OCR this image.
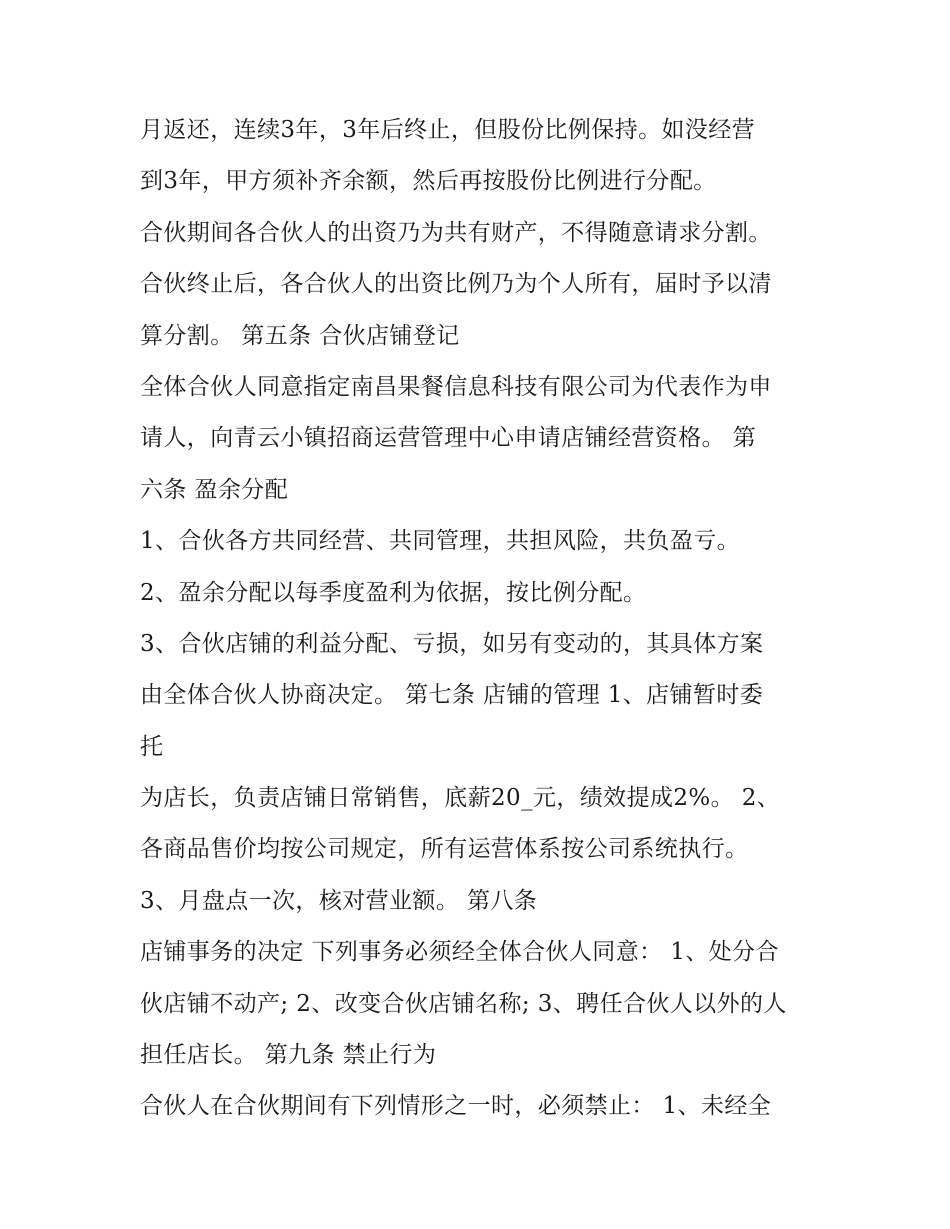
月返还，连续3年，3年后终止，但股份比例保持。如没经营
到3年，甲方须补齐余额，然后再按股份比例进行分配。
合伙期间各合伙人的出资乃为共有财产，不得随意请求分割。
合伙终止后，各合伙人的出资比例乃为个人所有，届时予以清
算分割。 第五条 合伙店铺登记
全体合伙人同意指定南昌果餐信息科技有限公司为代表作为申
请人，向青云小镇招商运营管理中心申请店铺经营资格。 第
六条 盈余分配
1、合伙各方共同经营、共同管理，共担风险，共负盈亏。
2、盈余分配以每季度盈利为依据，按比例分配。
3、合伙店铺的利益分配、亏损，如另有变动的，其具体方案
由全体合伙人协商决定。 第七条 店铺的管理 1、店铺暂时委
托
为店长，负责店铺日常销售，底薪20_元，绩效提成2%。 2、
各商品售价均按公司规定，所有运营体系按公司系统执行。
3、月盘点一次，核对营业额。 第八条
店铺事务的决定 下列事务必须经全体合伙人同意： 1、处分合
伙店铺不动产; 2、改变合伙店铺名称; 3、聘任合伙人以外的人
担任店长。 第九条 禁止行为
合伙人在合伙期间有下列情形之一时，必须禁止： 1、未经全
